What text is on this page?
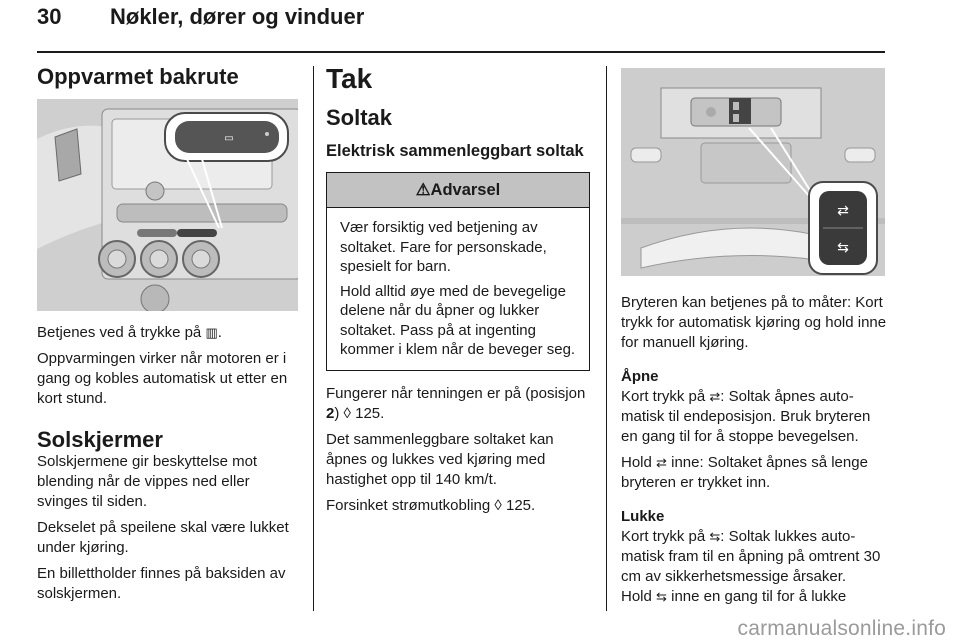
30 Nøkler, dører og vinduer
Oppvarmet bakrute
▭

Betjenes ved å trykke på ▥.

Oppvarmingen virker når motoren er i gang og kobles automatisk ut etter en kort stund.

Solskjermer

Solskjermene gir beskyttelse mot blending når de vippes ned eller svinges til siden.

Dekselet på speilene skal være lukket under kjøring.

En billettholder finnes på baksiden av solskjermen.

Tak
Soltak
Elektrisk sammenleggbart soltak
⚠ Advarsel

Vær forsiktig ved betjening av soltaket. Fare for personskade, spesielt for barn.

Hold alltid øye med de bevegelige delene når du åpner og lukker soltaket. Pass på at ingenting kommer i klem når de beveger seg.

Fungerer når tenningen er på (posisjon 2) ◊ 125.

Det sammenleggbare soltaket kan åpnes og lukkes ved kjøring med hastighet opp til 140 km/t.

Forsinket strømutkobling ◊ 125.

⇄
⇆

Bryteren kan betjenes på to måter: Kort trykk for automatisk kjøring og hold inne for manuell kjøring.

Åpne

Kort trykk på ⇄: Soltak åpnes automatisk til endeposisjon. Bruk bryteren en gang til for å stoppe bevegelsen.

Hold ⇄ inne: Soltaket åpnes så lenge bryteren er trykket inn.

Lukke

Kort trykk på ⇆: Soltak lukkes automatisk fram til en åpning på omtrent 30 cm av sikkerhetsmessige årsaker.

Hold ⇆ inne en gang til for å lukke

carmanualsonline.info
